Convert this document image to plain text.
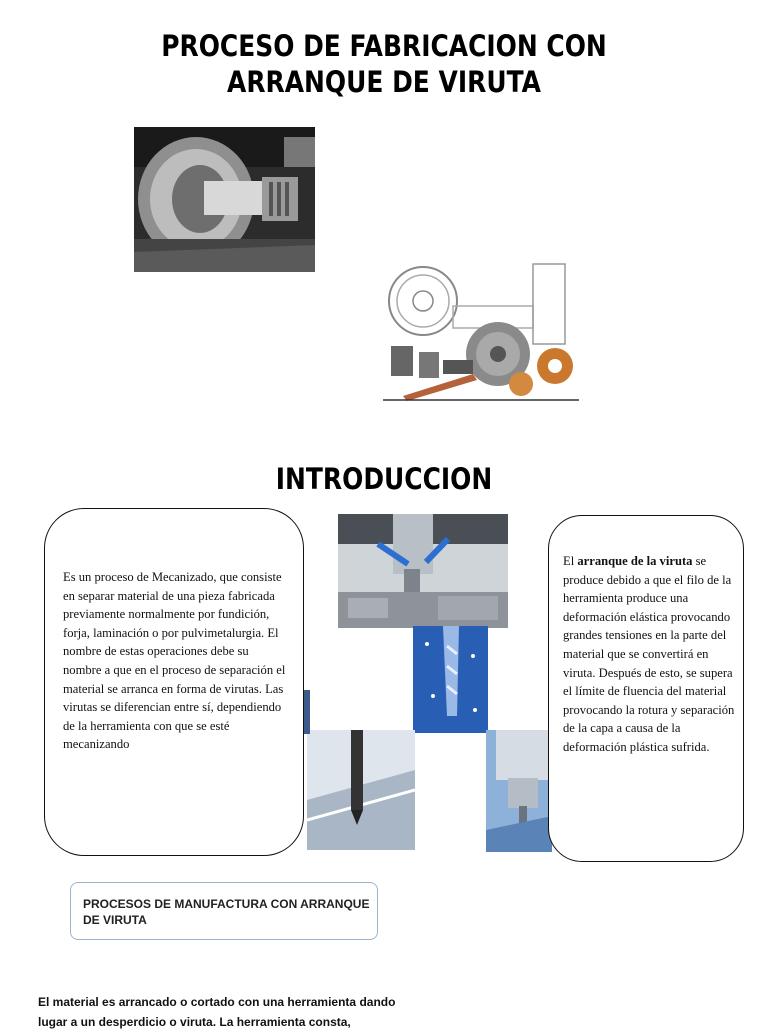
PROCESO DE FABRICACION CON ARRANQUE DE VIRUTA
INTRODUCCION
Es un proceso de Mecanizado, que consiste en separar material de una pieza fabricada previamente normalmente por fundición, forja, laminación o por pulvimetalurgia. El nombre de estas operaciones debe su nombre a que en el proceso de separación el material se arranca en forma de virutas. Las virutas se diferencian entre sí, dependiendo de la herramienta con que se esté mecanizando
El arranque de la viruta se produce debido a que el filo de la herramienta produce una deformación elástica provocando grandes tensiones en la parte del material que se convertirá en viruta. Después de esto, se supera el límite de fluencia del material provocando la rotura y separación de la capa a causa de la deformación plástica sufrida.
PROCESOS DE MANUFACTURA CON ARRANQUE DE VIRUTA
El material es arrancado o cortado con una herramienta dando lugar a un desperdicio o viruta. La herramienta consta,
